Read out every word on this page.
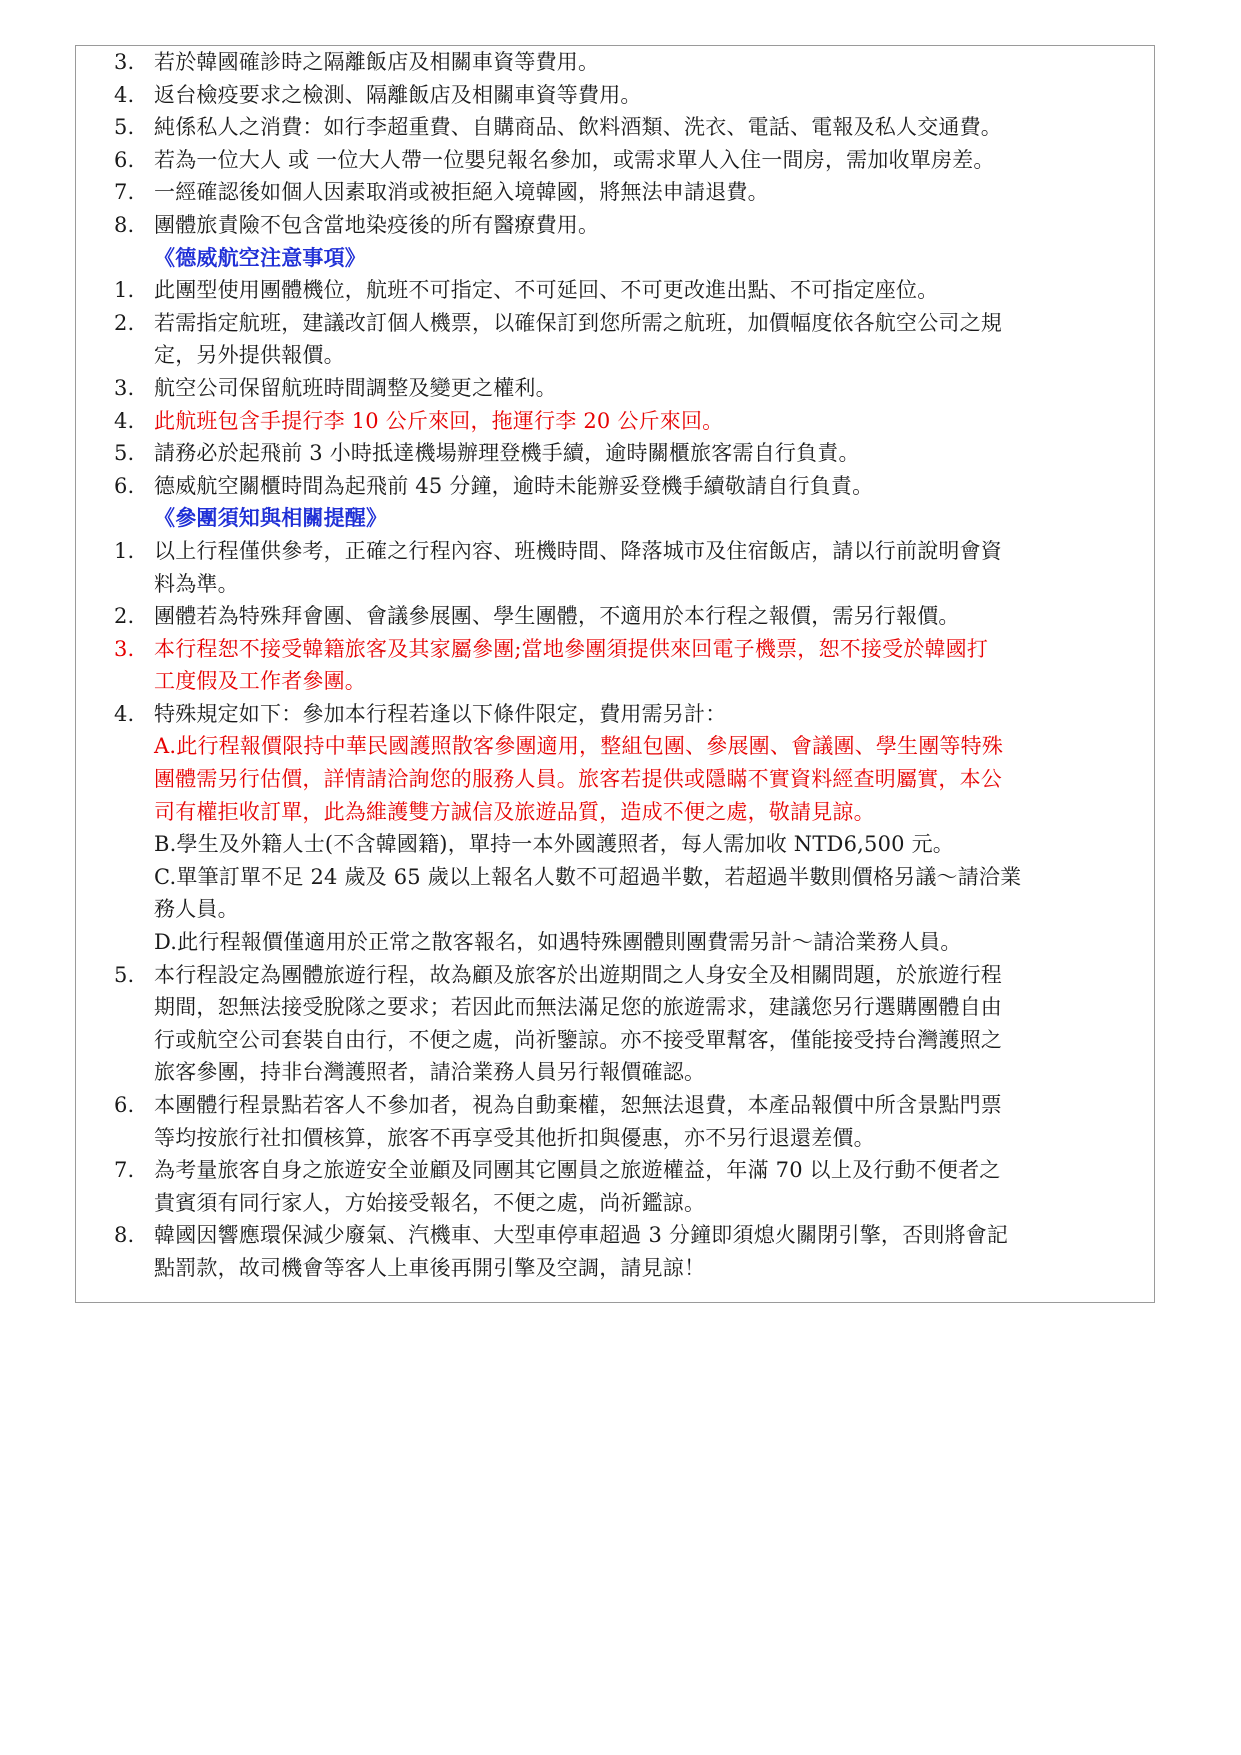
3. 若於韓國確診時之隔離飯店及相關車資等費用。
4. 返台檢疫要求之檢測、隔離飯店及相關車資等費用。
5. 純係私人之消費：如行李超重費、自購商品、飲料酒類、洗衣、電話、電報及私人交通費。
6. 若為一位大人 或 一位大人帶一位嬰兒報名參加，或需求單人入住一間房，需加收單房差。
7. 一經確認後如個人因素取消或被拒絕入境韓國，將無法申請退費。
8. 團體旅責險不包含當地染疫後的所有醫療費用。
《德威航空注意事項》
1. 此團型使用團體機位，航班不可指定、不可延回、不可更改進出點、不可指定座位。
2. 若需指定航班，建議改訂個人機票，以確保訂到您所需之航班，加價幅度依各航空公司之規
定，另外提供報價。
3. 航空公司保留航班時間調整及變更之權利。
4. 此航班包含手提行李 10 公斤來回，拖運行李 20 公斤來回。
5. 請務必於起飛前 3 小時抵達機場辦理登機手續，逾時關櫃旅客需自行負責。
6. 德威航空關櫃時間為起飛前 45 分鐘，逾時未能辦妥登機手續敬請自行負責。
《參團須知與相關提醒》
1. 以上行程僅供參考，正確之行程內容、班機時間、降落城市及住宿飯店，請以行前說明會資
料為準。
2. 團體若為特殊拜會團、會議參展團、學生團體，不適用於本行程之報價，需另行報價。
3. 本行程恕不接受韓籍旅客及其家屬參團;當地參團須提供來回電子機票，恕不接受於韓國打
工度假及工作者參團。
4. 特殊規定如下：參加本行程若逢以下條件限定，費用需另計：
A.此行程報價限持中華民國護照散客參團適用，整組包團、參展團、會議團、學生團等特殊
團體需另行估價，詳情請洽詢您的服務人員。旅客若提供或隱瞞不實資料經查明屬實，本公
司有權拒收訂單，此為維護雙方誠信及旅遊品質，造成不便之處，敬請見諒。
B.學生及外籍人士(不含韓國籍)，單持一本外國護照者，每人需加收 NTD6,500 元。
C.單筆訂單不足 24 歲及 65 歲以上報名人數不可超過半數，若超過半數則價格另議～請洽業
務人員。
D.此行程報價僅適用於正常之散客報名，如遇特殊團體則團費需另計～請洽業務人員。
5. 本行程設定為團體旅遊行程，故為顧及旅客於出遊期間之人身安全及相關問題，於旅遊行程
期間，恕無法接受脫隊之要求；若因此而無法滿足您的旅遊需求，建議您另行選購團體自由
行或航空公司套裝自由行，不便之處，尚祈鑒諒。亦不接受單幫客，僅能接受持台灣護照之
旅客參團，持非台灣護照者，請洽業務人員另行報價確認。
6. 本團體行程景點若客人不參加者，視為自動棄權，恕無法退費，本產品報價中所含景點門票
等均按旅行社扣價核算，旅客不再享受其他折扣與優惠，亦不另行退還差價。
7. 為考量旅客自身之旅遊安全並顧及同團其它團員之旅遊權益，年滿 70 以上及行動不便者之
貴賓須有同行家人，方始接受報名，不便之處，尚祈鑑諒。
8. 韓國因響應環保減少廢氣、汽機車、大型車停車超過 3 分鐘即須熄火關閉引擎，否則將會記
點罰款，故司機會等客人上車後再開引擎及空調，請見諒！
